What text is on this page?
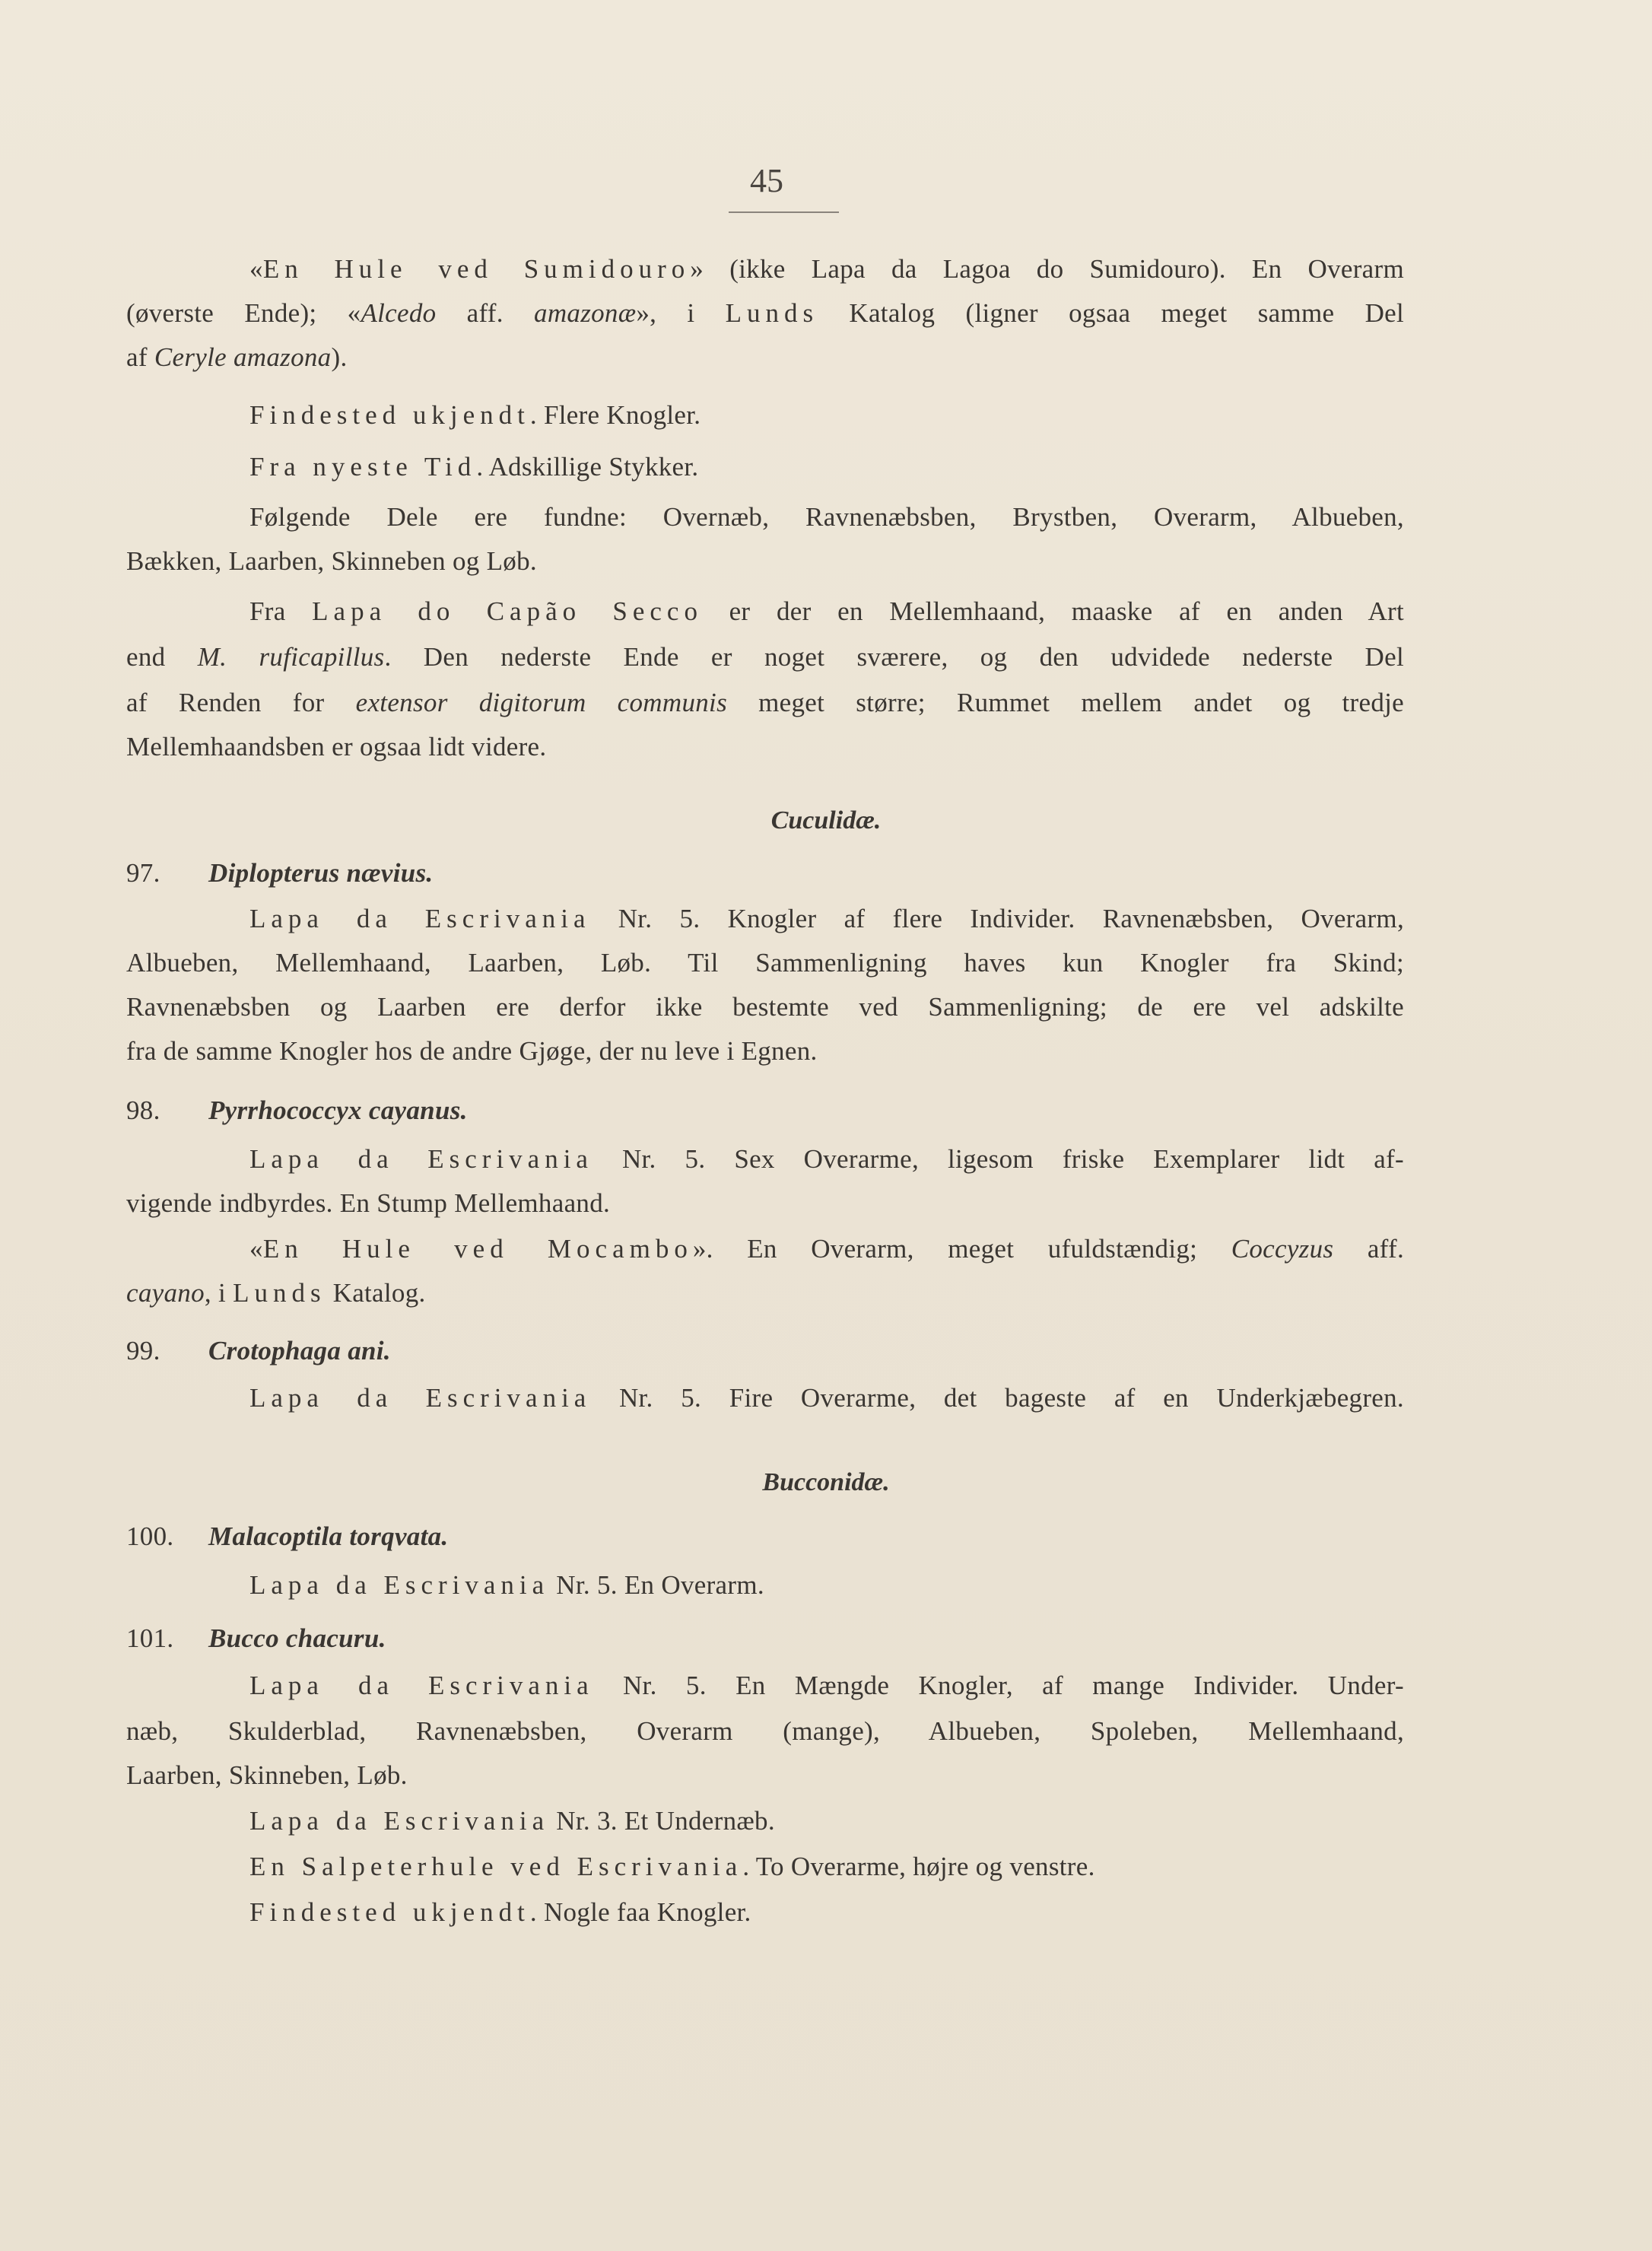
45
«En Hule ved Sumidouro» (ikke Lapa da Lagoa do Sumidouro). En Overarm
(øverste Ende); «Alcedo aff. amazonæ», i Lunds Katalog (ligner ogsaa meget samme Del
af Ceryle amazona).
Findested ukjendt. Flere Knogler.
Fra nyeste Tid. Adskillige Stykker.
Følgende Dele ere fundne: Overnæb, Ravnenæbsben, Brystben, Overarm, Albueben,
Bækken, Laarben, Skinneben og Løb.
Fra Lapa do Capão Secco er der en Mellemhaand, maaske af en anden Art
end M. ruficapillus. Den nederste Ende er noget sværere, og den udvidede nederste Del
af Renden for extensor digitorum communis meget større; Rummet mellem andet og tredje
Mellemhaandsben er ogsaa lidt videre.
Cuculidæ.
97. Diplopterus nævius.
Lapa da Escrivania Nr. 5. Knogler af flere Individer. Ravnenæbsben, Overarm,
Albueben, Mellemhaand, Laarben, Løb. Til Sammenligning haves kun Knogler fra Skind;
Ravnenæbsben og Laarben ere derfor ikke bestemte ved Sammenligning; de ere vel adskilte
fra de samme Knogler hos de andre Gjøge, der nu leve i Egnen.
98. Pyrrhococcyx cayanus.
Lapa da Escrivania Nr. 5. Sex Overarme, ligesom friske Exemplarer lidt af-
vigende indbyrdes. En Stump Mellemhaand.
«En Hule ved Mocambo». En Overarm, meget ufuldstændig; Coccyzus aff.
cayano, i Lunds Katalog.
99. Crotophaga ani.
Lapa da Escrivania Nr. 5. Fire Overarme, det bageste af en Underkjæbegren.
Bucconidæ.
100. Malacoptila torqvata.
Lapa da Escrivania Nr. 5. En Overarm.
101. Bucco chacuru.
Lapa da Escrivania Nr. 5. En Mængde Knogler, af mange Individer. Under-
næb, Skulderblad, Ravnenæbsben, Overarm (mange), Albueben, Spoleben, Mellemhaand,
Laarben, Skinneben, Løb.
Lapa da Escrivania Nr. 3. Et Undernæb.
En Salpeterhule ved Escrivania. To Overarme, højre og venstre.
Findested ukjendt. Nogle faa Knogler.
